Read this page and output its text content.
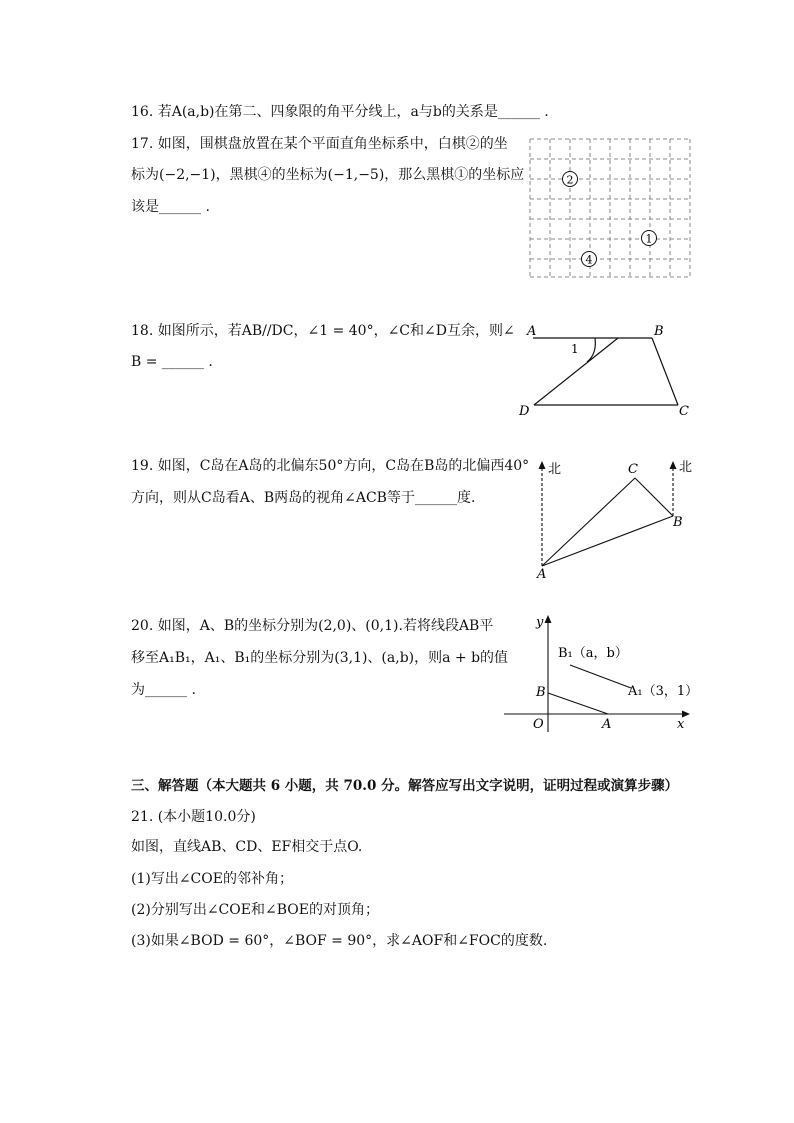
16. 若A(a,b)在第二、四象限的角平分线上，a与b的关系是______ .
17. 如图，围棋盘放置在某个平面直角坐标系中，白棋②的坐
标为(−2,−1)，黑棋④的坐标为(−1,−5)，那么黑棋①的坐标应
该是______ .
2
1
4
18. 如图所示，若AB//DC，∠1 = 40°，∠C和∠D互余，则∠
B = ______ .
A	B
C
D
1
19. 如图，C岛在A岛的北偏东50°方向，C岛在B岛的北偏西40°
方向，则从C岛看A、B两岛的视角∠ACB等于______度.
北	北
C
B
A
20. 如图，A、B的坐标分别为(2,0)、(0,1).若将线段AB平
移至A₁B₁，A₁、B₁的坐标分别为(3,1)、(a,b)，则a + b的值
为______ .
y
x
O	A
B
B₁（a，b）
A₁（3，1）
三、解答题（本大题共 6 小题，共 70.0 分。解答应写出文字说明，证明过程或演算步骤）
21. (本小题10.0分)
如图，直线AB、CD、EF相交于点O.
(1)写出∠COE的邻补角；
(2)分别写出∠COE和∠BOE的对顶角；
(3)如果∠BOD = 60°，∠BOF = 90°，求∠AOF和∠FOC的度数.
